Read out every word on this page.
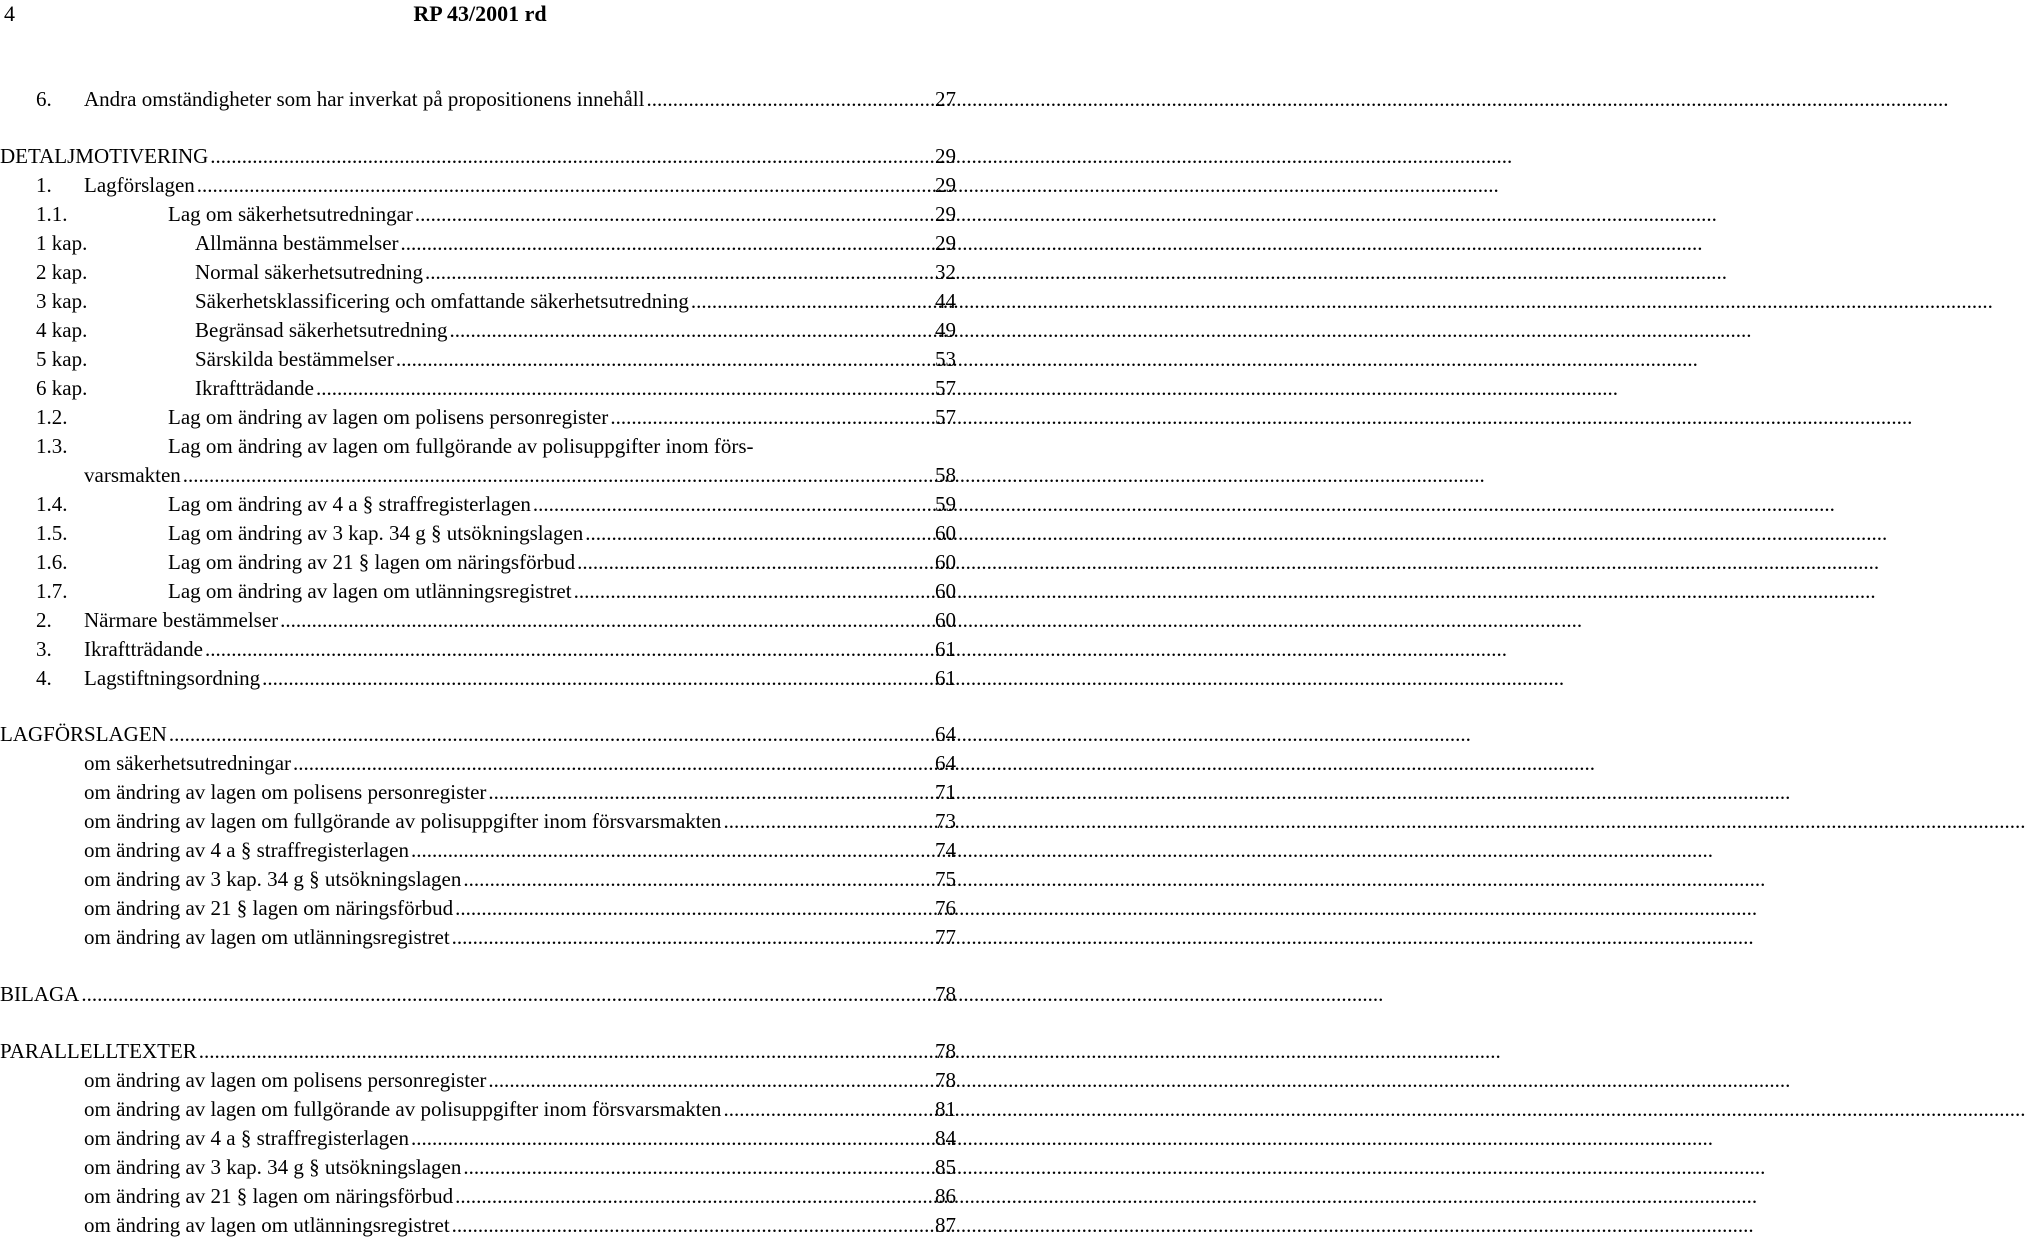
4	RP 43/2001 rd
6.	Andra omständigheter som har inverkat på propositionens innehåll .....	27
DETALJMOTIVERING .....	29
1.	Lagförslagen .....	29
1.1.	Lag om säkerhetsutredningar .....	29
1 kap.	Allmänna bestämmelser .....	29
2 kap.	Normal säkerhetsutredning .....	32
3 kap.	Säkerhetsklassificering och omfattande säkerhetsutredning .....	44
4 kap.	Begränsad säkerhetsutredning .....	49
5 kap.	Särskilda bestämmelser .....	53
6 kap.	Ikraftträdande .....	57
1.2.	Lag om ändring av lagen om polisens personregister .....	57
1.3.	Lag om ändring av lagen om fullgörande av polisuppgifter inom förs-
varsmakten .....	58
1.4.	Lag om ändring av 4 a § straffregisterlagen .....	59
1.5.	Lag om ändring av 3 kap. 34 g § utsökningslagen .....	60
1.6.	Lag om ändring av 21 § lagen om näringsförbud .....	60
1.7.	Lag om ändring av lagen om utlänningsregistret .....	60
2.	Närmare bestämmelser .....	60
3.	Ikraftträdande .....	61
4.	Lagstiftningsordning .....	61
LAGFÖRSLAGEN .....	64
om säkerhetsutredningar .....	64
om ändring av lagen om polisens personregister .....	71
om ändring av lagen om fullgörande av polisuppgifter inom försvarsmakten .....	73
om ändring av 4 a § straffregisterlagen .....	74
om ändring av 3 kap. 34 g § utsökningslagen .....	75
om ändring av 21 § lagen om näringsförbud .....	76
om ändring av lagen om utlänningsregistret .....	77
BILAGA .....	78
PARALLELLTEXTER .....	78
om ändring av lagen om polisens personregister .....	78
om ändring av lagen om fullgörande av polisuppgifter inom försvarsmakten .....	81
om ändring av 4 a § straffregisterlagen .....	84
om ändring av 3 kap. 34 g § utsökningslagen .....	85
om ändring av 21 § lagen om näringsförbud .....	86
om ändring av lagen om utlänningsregistret .....	87
